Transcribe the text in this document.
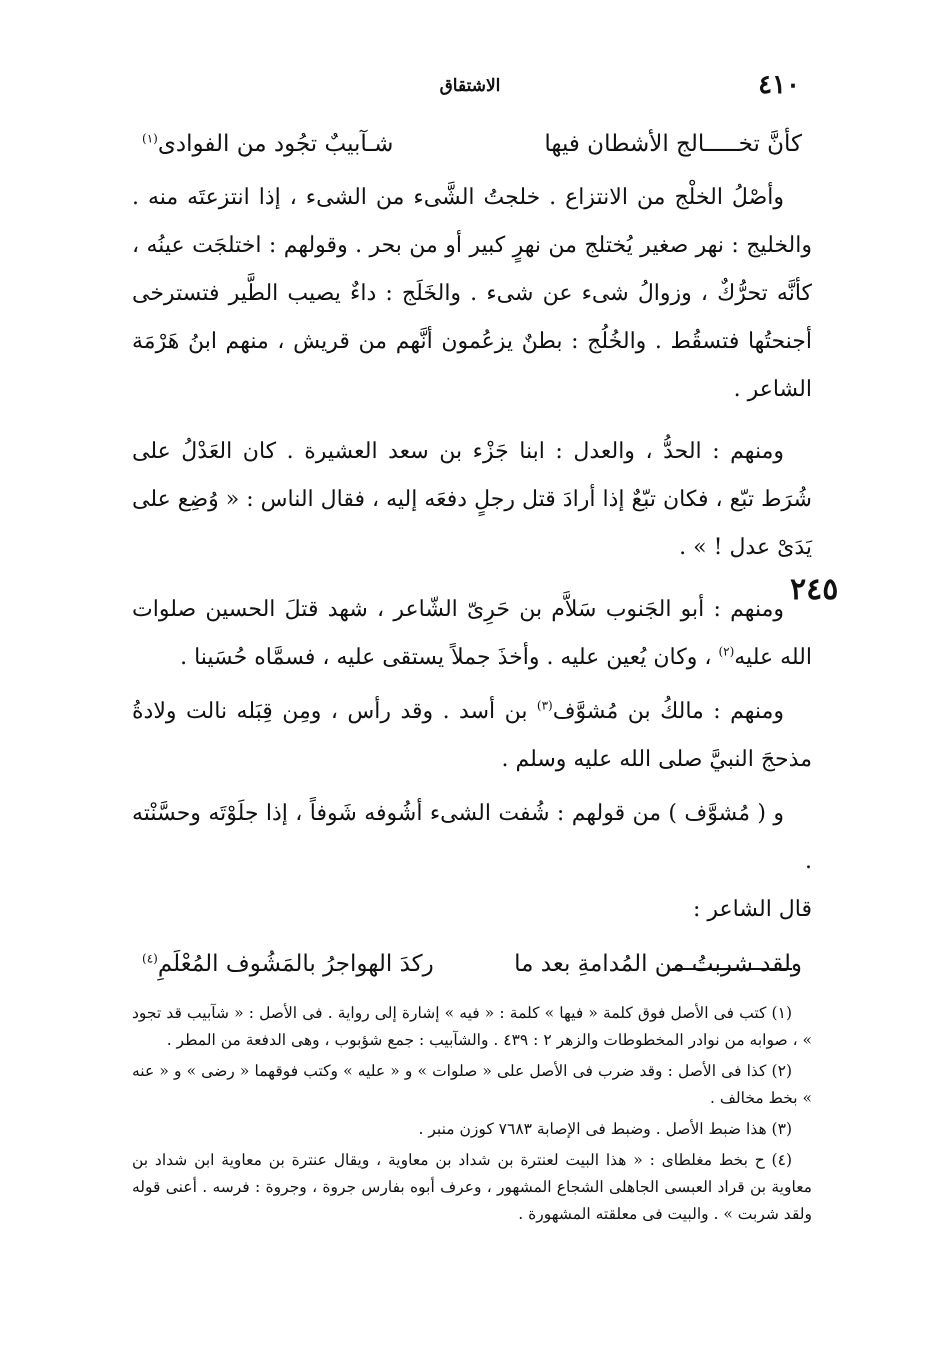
٤١٠
الاشتقاق
٢٤٥
كأنَّ تخـــــالج الأشطان فيها
شـآبيبٌ تجُود من الفوادى$^{(١)}$

وأصْلُ الخلْج من الانتزاع . خلجتُ الشَّىء من الشىء ، إذا انتزعتَه منه . والخليج : نهر صغير يُختلج من نهرٍ كبير أو من بحر . وقولهم : اختلجَت عينُه ، كأنَّه تحرُّكٌ ، وزوالُ شىء عن شىء . والخَلَج : داءٌ يصيب الطَّير فتسترخى أجنحتُها فتسقُط . والخُلُج : بطنٌ يزعُمون أنَّهم من قريش ، منهم ابنُ هَرْمَة الشاعر .

ومنهم : الحدُّ ، والعدل : ابنا جَزْء بن سعد العشيرة . كان العَدْلُ على شُرَط تبّع ، فكان تبّعٌ إذا أرادَ قتل رجلٍ دفعَه إليه ، فقال الناس : « وُضِع على يَدَىْ عدل ! » .

ومنهم : أبو الجَنوب سَلاَّم بن حَرِىّ الشّاعر ، شهد قتلَ الحسين صلوات الله عليه$^{(٢)}$ ، وكان يُعين عليه . وأخذَ جملاً يستقى عليه ، فسمَّاه حُسَينا .

ومنهم : مالكُ بن مُشوَّف$^{(٣)}$ بن أسد . وقد رأس ، ومِن قِبَله نالت ولادةُ مذحجَ النبيَّ صلى الله عليه وسلم .

و ( مُشوَّف ) من قولهم : شُفت الشىء أشُوفه شَوفاً ، إذا جلَوْتَه وحسَّنْته .

قال الشاعر :

ولقد شربتُ من المُدامةِ بعد ما
ركدَ الهواجرُ بالمَشُوف المُعْلَمِ$^{(٤)}$

(١) كتب فى الأصل فوق كلمة « فيها » كلمة : « فيه » إشارة إلى رواية . فى الأصل : « شآبيب قد تجود » ، صوابه من نوادر المخطوطات والزهر ٢ : ٤٣٩ . والشآبيب : جمع شؤبوب ، وهى الدفعة من المطر .

(٢) كذا فى الأصل : وقد ضرب فى الأصل على « صلوات » و « عليه » وكتب فوقهما « رضى » و « عنه » بخط مخالف .

(٣) هذا ضبط الأصل . وضبط فى الإصابة ٧٦٨٣ كوزن منبر .

(٤) ح بخط مغلطاى : « هذا البيت لعنترة بن شداد بن معاوية ، ويقال عنترة بن معاوية ابن شداد بن معاوية بن قراد العبسى الجاهلى الشجاع المشهور ، وعرف أبوه بفارس جروة ، وجروة : فرسه . أعنى قوله ولقد شربت » . والبيت فى معلقته المشهورة .
